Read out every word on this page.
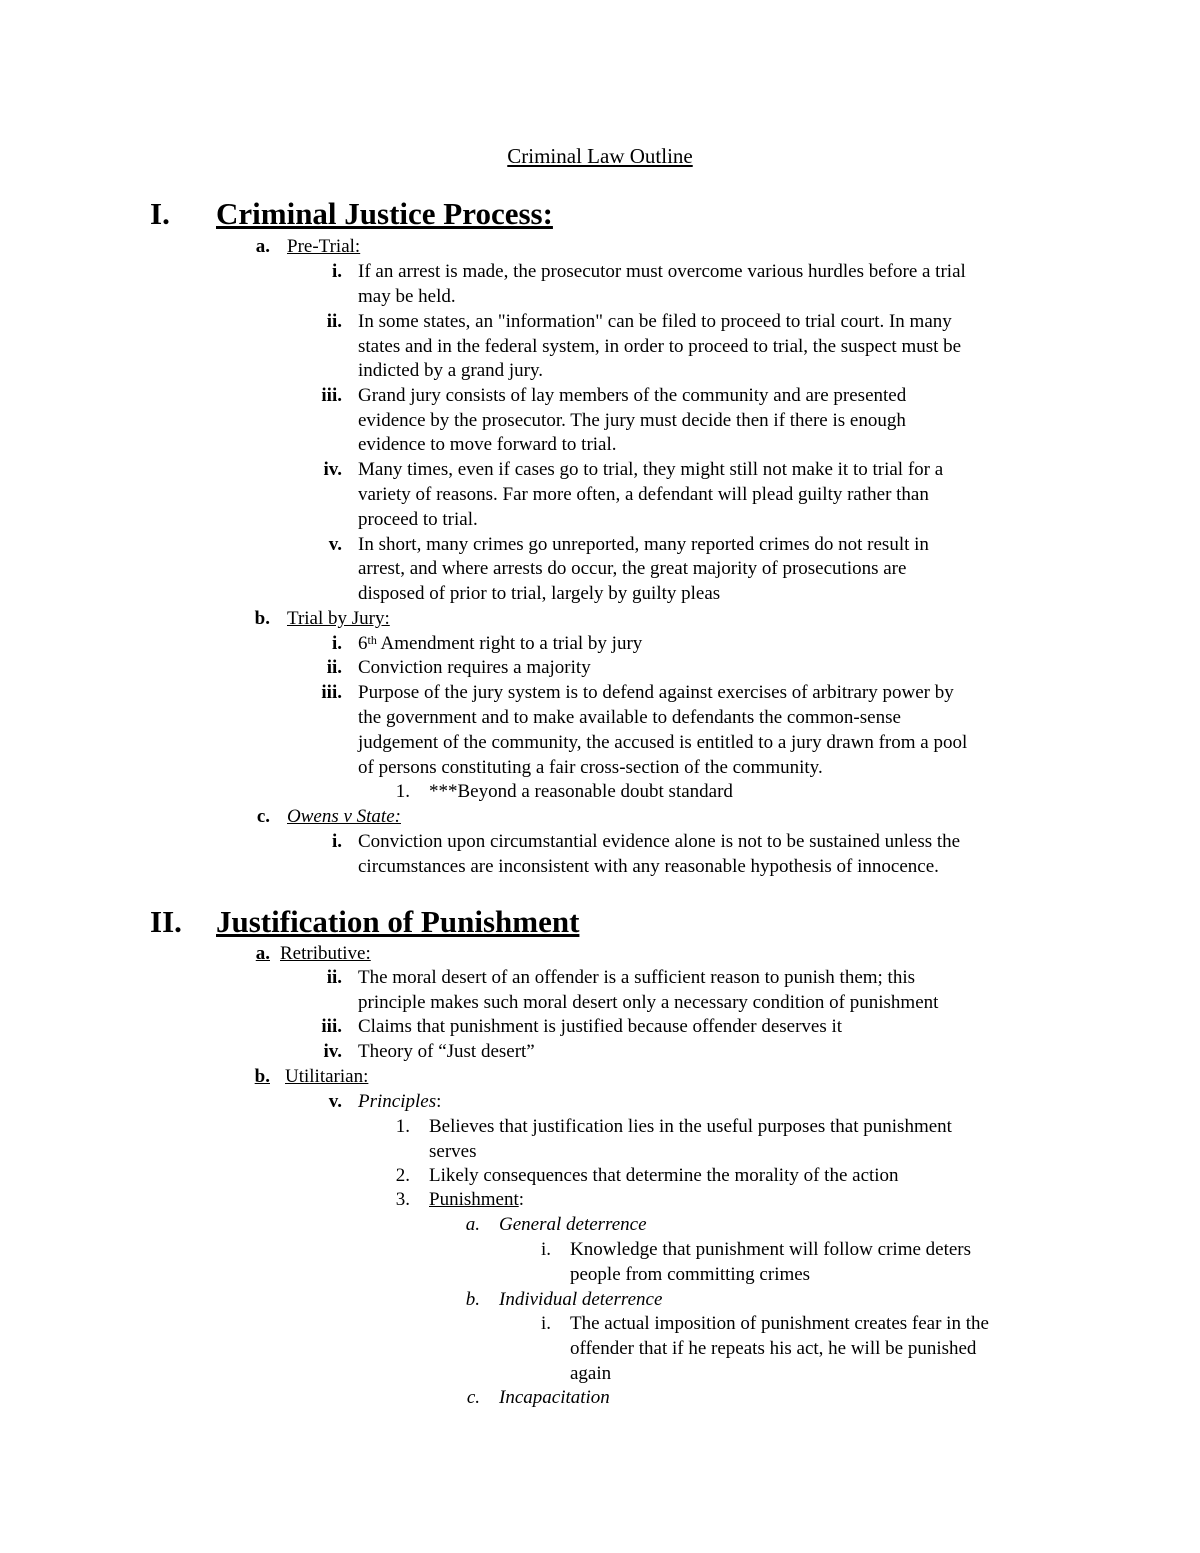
Criminal Law Outline
I. Criminal Justice Process:
a. Pre-Trial:
i. If an arrest is made, the prosecutor must overcome various hurdles before a trial
may be held.
ii. In some states, an "information" can be filed to proceed to trial court. In many
states and in the federal system, in order to proceed to trial, the suspect must be
indicted by a grand jury.
iii. Grand jury consists of lay members of the community and are presented
evidence by the prosecutor. The jury must decide then if there is enough
evidence to move forward to trial.
iv. Many times, even if cases go to trial, they might still not make it to trial for a
variety of reasons. Far more often, a defendant will plead guilty rather than
proceed to trial.
v. In short, many crimes go unreported, many reported crimes do not result in
arrest, and where arrests do occur, the great majority of prosecutions are
disposed of prior to trial, largely by guilty pleas
b. Trial by Jury:
i. 6th Amendment right to a trial by jury
ii. Conviction requires a majority
iii. Purpose of the jury system is to defend against exercises of arbitrary power by
the government and to make available to defendants the common-sense
judgement of the community, the accused is entitled to a jury drawn from a pool
of persons constituting a fair cross-section of the community.
1. ***Beyond a reasonable doubt standard
c. Owens v State:
i. Conviction upon circumstantial evidence alone is not to be sustained unless the
circumstances are inconsistent with any reasonable hypothesis of innocence.
II. Justification of Punishment
a. Retributive:
ii. The moral desert of an offender is a sufficient reason to punish them; this
principle makes such moral desert only a necessary condition of punishment
iii. Claims that punishment is justified because offender deserves it
iv. Theory of “Just desert”
b. Utilitarian:
v. Principles:
1. Believes that justification lies in the useful purposes that punishment
serves
2. Likely consequences that determine the morality of the action
3. Punishment:
a. General deterrence
i. Knowledge that punishment will follow crime deters
people from committing crimes
b. Individual deterrence
i. The actual imposition of punishment creates fear in the
offender that if he repeats his act, he will be punished
again
c. Incapacitation
